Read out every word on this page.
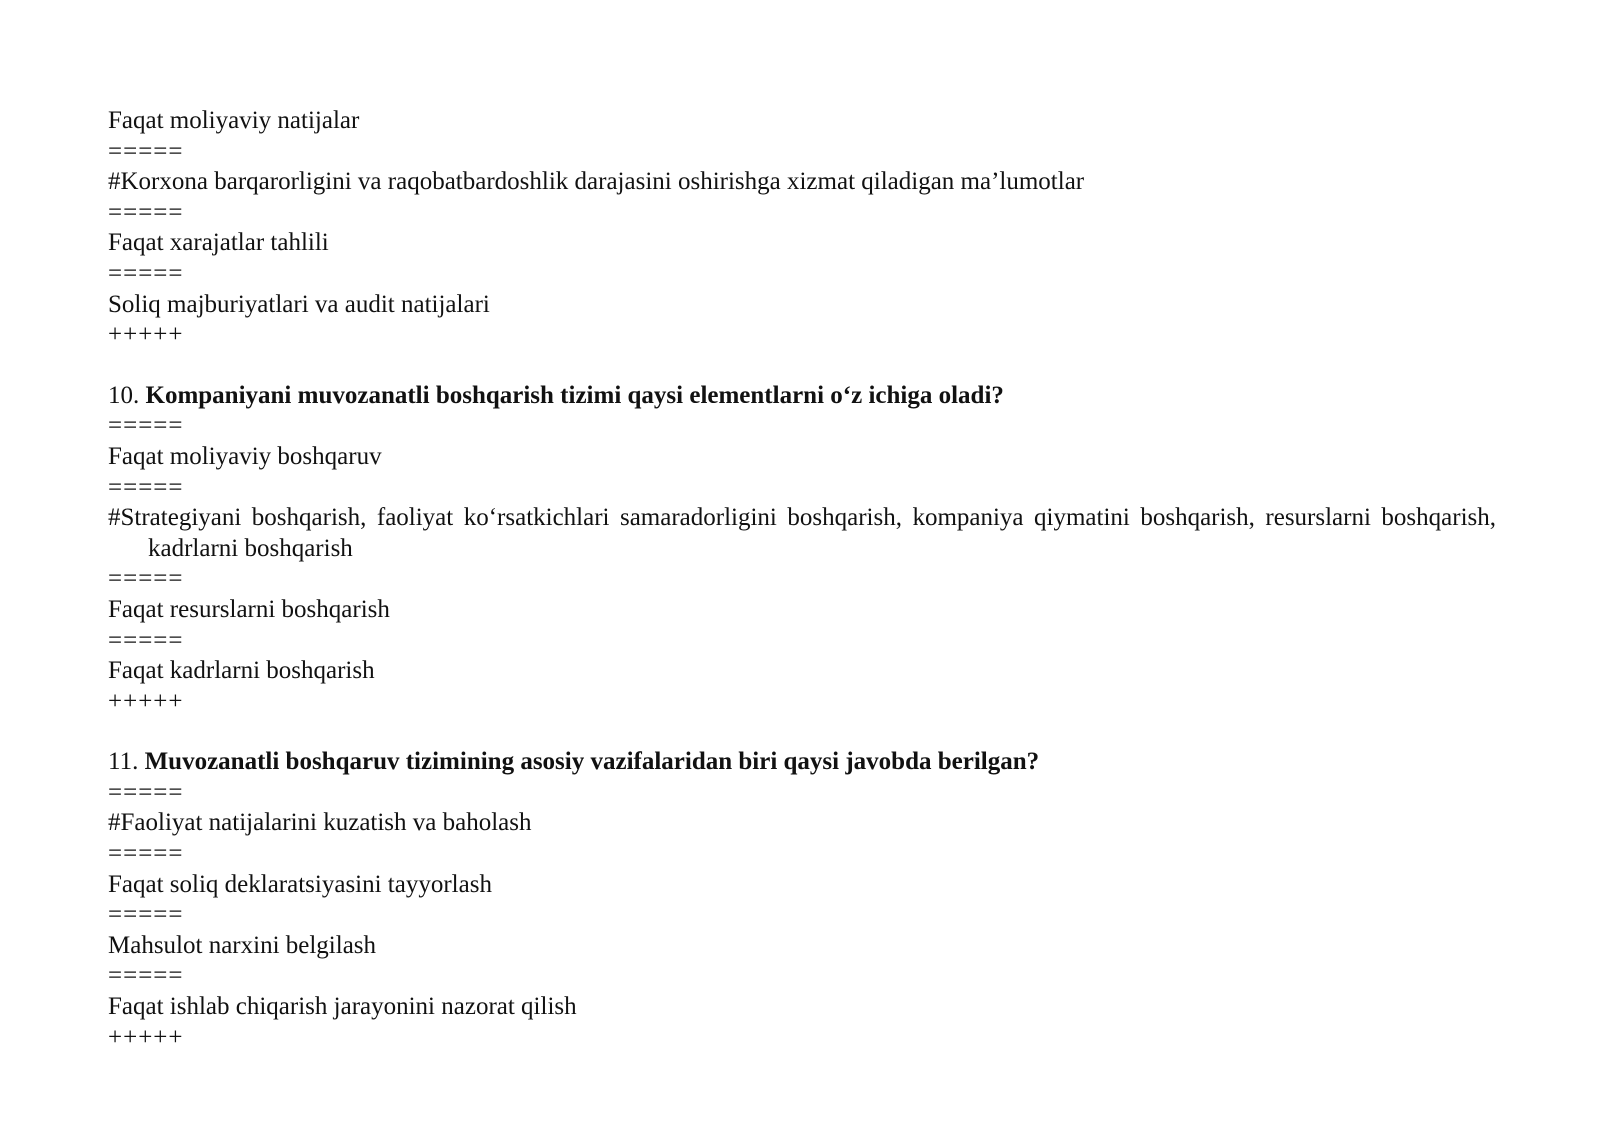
Faqat moliyaviy natijalar
=====
#Korxona barqarorligini va raqobatbardoshlik darajasini oshirishga xizmat qiladigan ma’lumotlar
=====
Faqat xarajatlar tahlili
=====
Soliq majburiyatlari va audit natijalari
+++++
10. Kompaniyani muvozanatli boshqarish tizimi qaysi elementlarni o‘z ichiga oladi?
=====
Faqat moliyaviy boshqaruv
=====
#Strategiyani boshqarish, faoliyat ko‘rsatkichlari samaradorligini boshqarish, kompaniya qiymatini boshqarish, resurslarni boshqarish, kadrlarni boshqarish
=====
Faqat resurslarni boshqarish
=====
Faqat kadrlarni boshqarish
+++++
11. Muvozanatli boshqaruv tizimining asosiy vazifalaridan biri qaysi javobda berilgan?
=====
#Faoliyat natijalarini kuzatish va baholash
=====
Faqat soliq deklaratsiyasini tayyorlash
=====
Mahsulot narxini belgilash
=====
Faqat ishlab chiqarish jarayonini nazorat qilish
+++++
